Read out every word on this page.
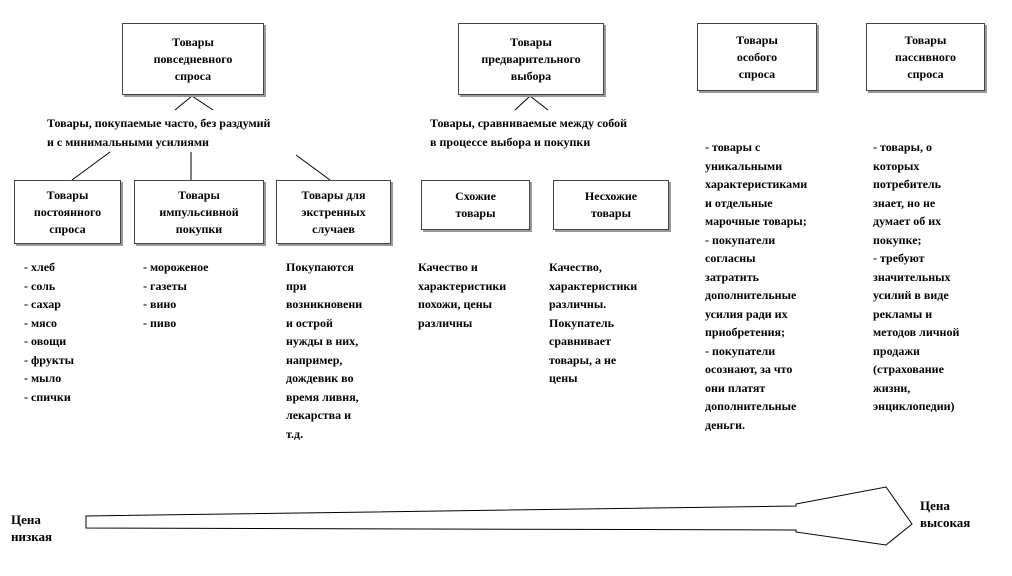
Товары
повседневного
спроса
Товары
предварительного
выбора
Товары
особого
спроса
Товары
пассивного
спроса
Товары, покупаемые часто, без раздумий
и с минимальными усилиями
Товары, сравниваемые между собой
в процессе выбора и покупки
Товары
постоянного
спроса
Товары
импульсивной
покупки
Товары для
экстренных
случаев
Схожие
товары
Несхожие
товары
- хлеб
- соль
- сахар
- мясо
- овощи
- фрукты
- мыло
- спички
- мороженое
- газеты
- вино
- пиво
Покупаются
при
возникновени
и острой
нужды в них,
например,
дождевик во
время ливня,
лекарства и
т.д.
Качество и
характеристики
похожи, цены
различны
Качество,
характеристики
различны.
Покупатель
сравнивает
товары, а не
цены
- товары с
уникальными
характеристиками
и отдельные
марочные товары;
- покупатели
согласны
затратить
дополнительные
усилия ради их
приобретения;
- покупатели
осознают, за что
они платят
дополнительные
деньги.
- товары, о
которых
потребитель
знает, но не
думает об их
покупке;
- требуют
значительных
усилий в виде
рекламы и
методов личной
продажи
(страхование
жизни,
энциклопедии)
Цена
низкая
Цена
высокая
